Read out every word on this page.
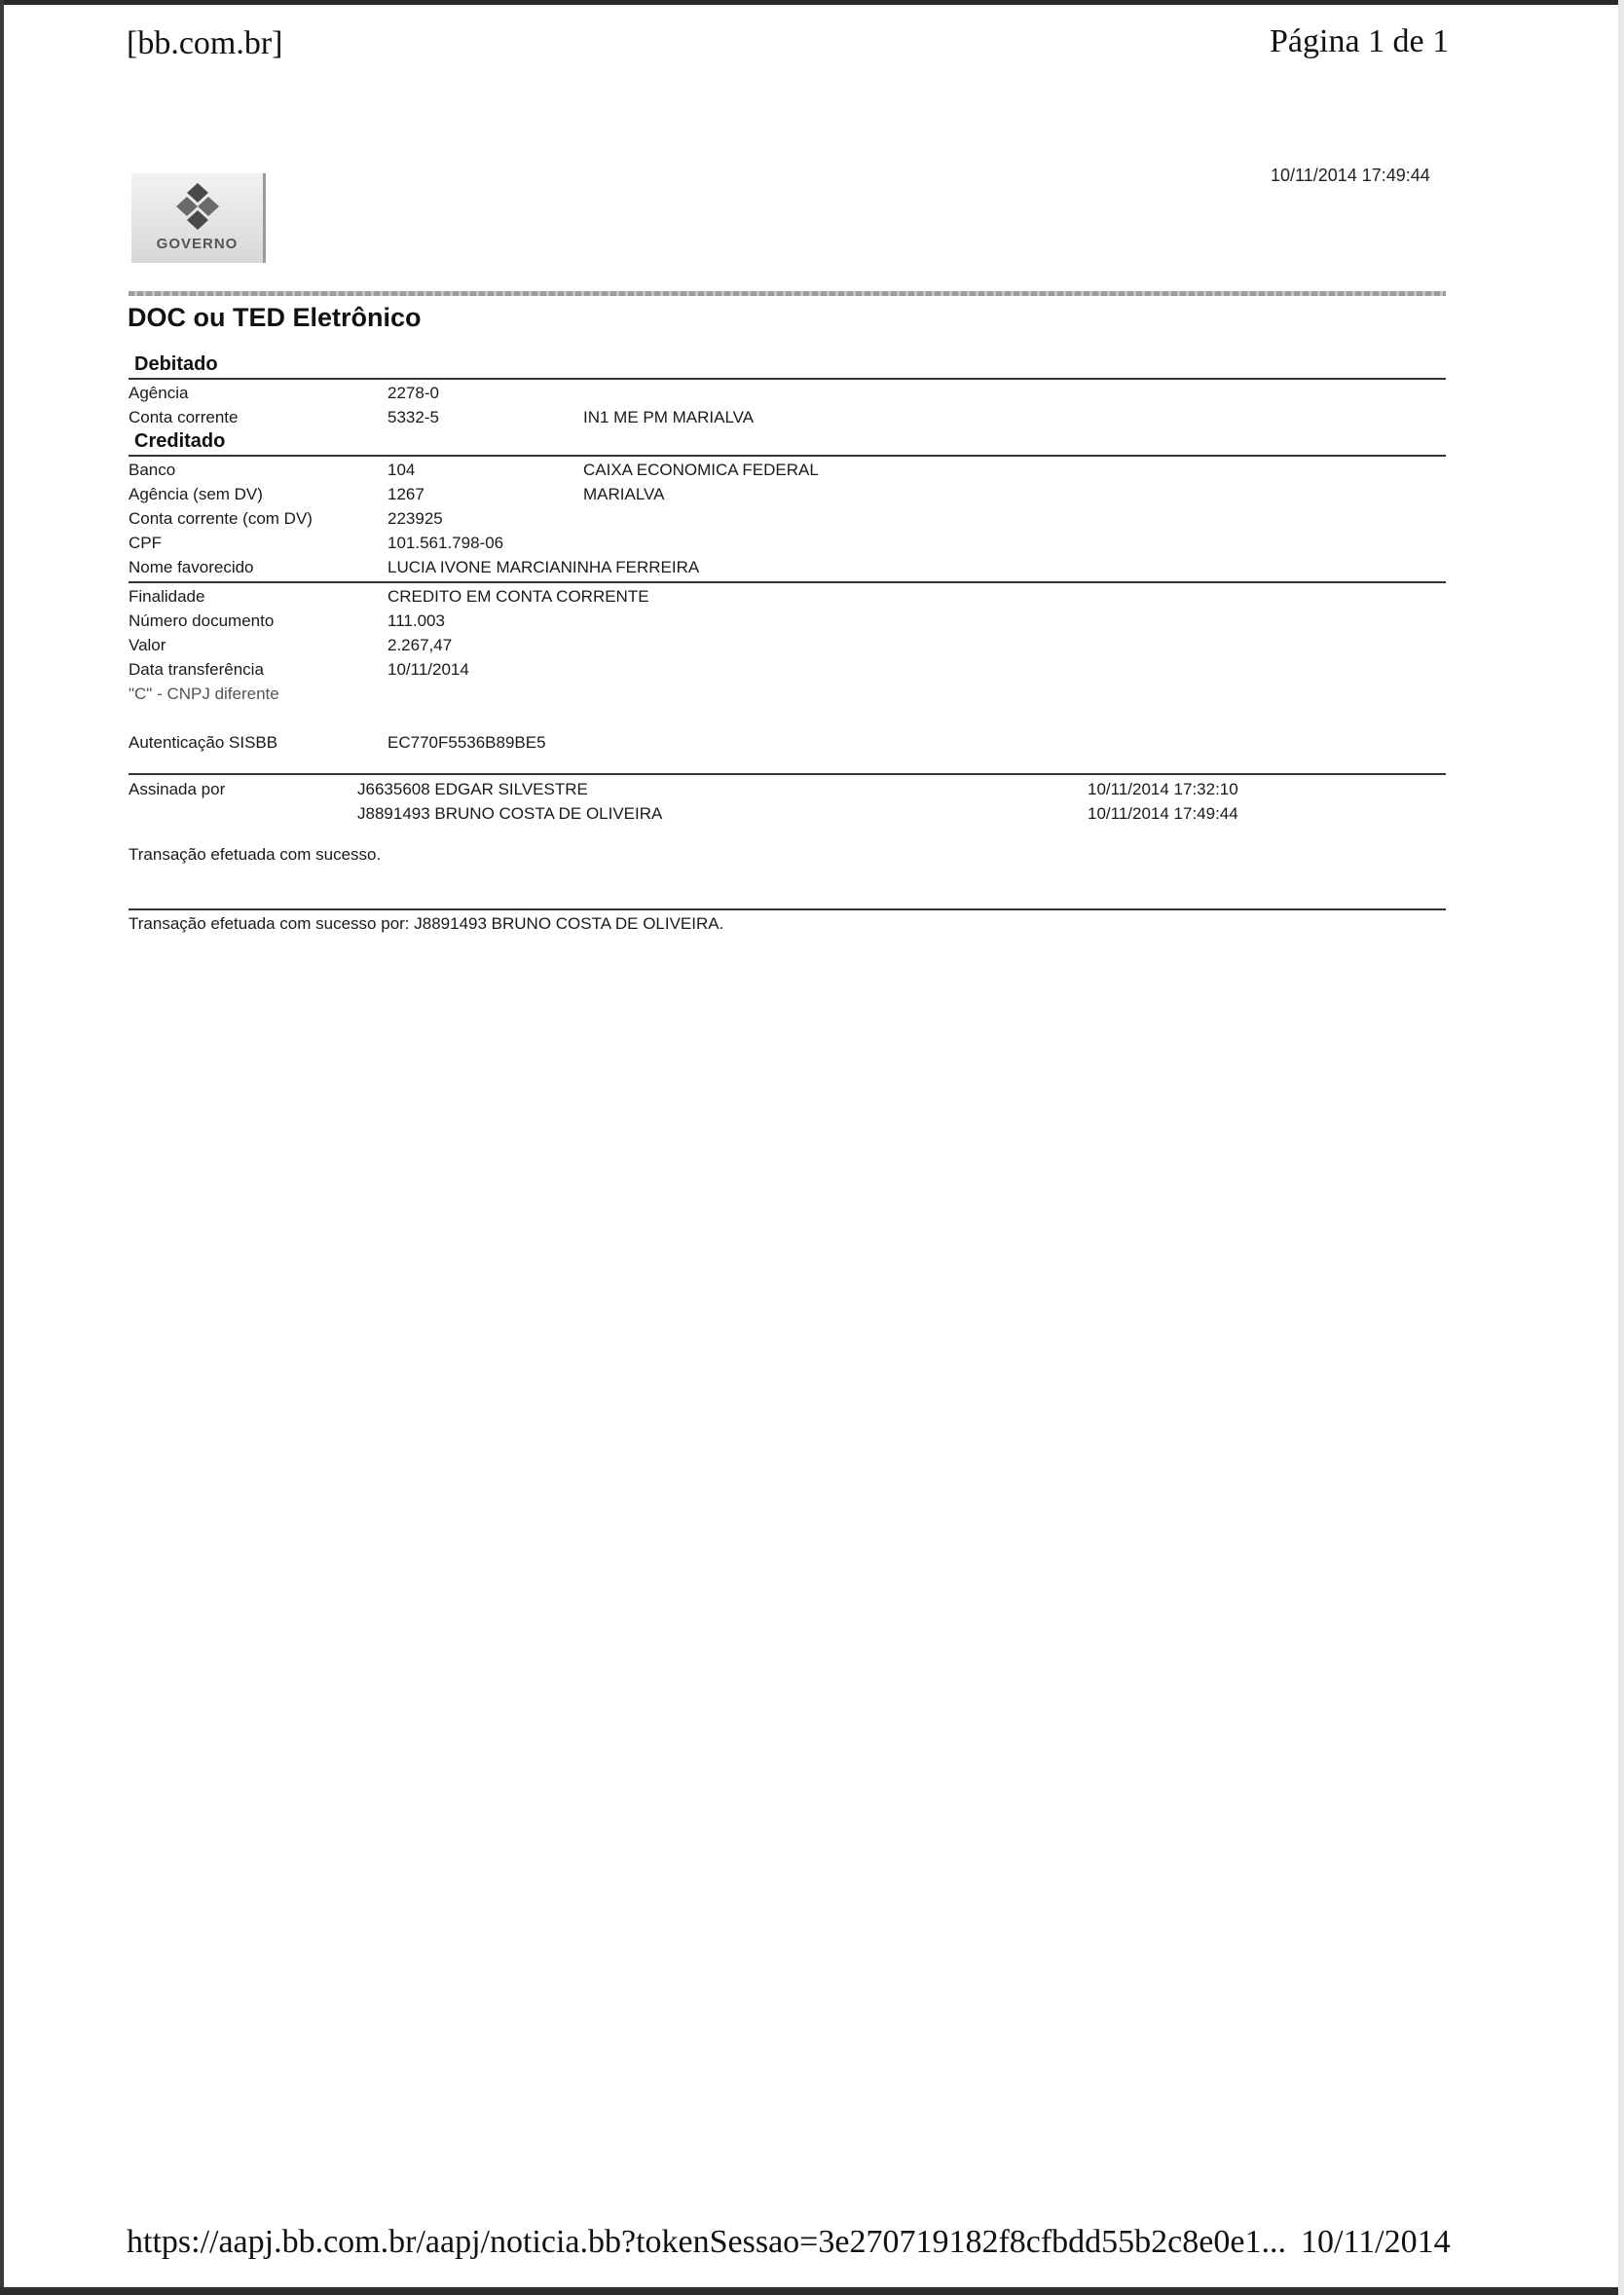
[bb.com.br]	Página 1 de 1
10/11/2014 17:49:44
GOVERNO
DOC ou TED Eletrônico
Debitado
Agência	2278-0
Conta corrente	5332-5	IN1 ME PM MARIALVA
Creditado
Banco	104	CAIXA ECONOMICA FEDERAL
Agência (sem DV)	1267	MARIALVA
Conta corrente (com DV)	223925
CPF	101.561.798-06
Nome favorecido	LUCIA IVONE MARCIANINHA FERREIRA
Finalidade	CREDITO EM CONTA CORRENTE
Número documento	111.003
Valor	2.267,47
Data transferência	10/11/2014
"C" - CNPJ diferente
Autenticação SISBB	EC770F5536B89BE5
Assinada por	J6635608 EDGAR SILVESTRE	10/11/2014 17:32:10
J8891493 BRUNO COSTA DE OLIVEIRA	10/11/2014 17:49:44
Transação efetuada com sucesso.
Transação efetuada com sucesso por: J8891493 BRUNO COSTA DE OLIVEIRA.
https://aapj.bb.com.br/aapj/noticia.bb?tokenSessao=3e270719182f8cfbdd55b2c8e0e1... 10/11/2014
